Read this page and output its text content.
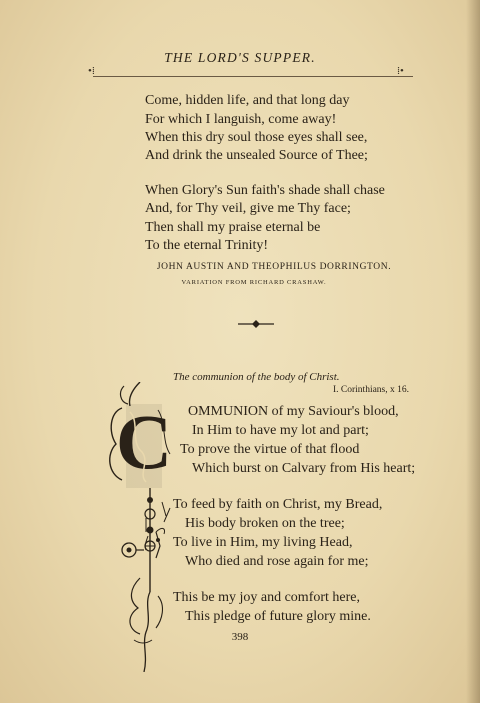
THE LORD'S SUPPER.
•⁞	⁞•
Come, hidden life, and that long day
For which I languish, come away!
When this dry soul those eyes shall see,
And drink the unsealed Source of Thee;
When Glory's Sun faith's shade shall chase
And, for Thy veil, give me Thy face;
Then shall my praise eternal be
To the eternal Trinity!
JOHN AUSTIN AND THEOPHILUS DORRINGTON.
VARIATION FROM RICHARD CRASHAW.
The communion of the body of Christ.
I. Corinthians, x 16.
C OMMUNION of my Saviour's blood,
In Him to have my lot and part;
To prove the virtue of that flood
Which burst on Calvary from His heart;
To feed by faith on Christ, my Bread,
His body broken on the tree;
To live in Him, my living Head,
Who died and rose again for me;
This be my joy and comfort here,
This pledge of future glory mine.
398
